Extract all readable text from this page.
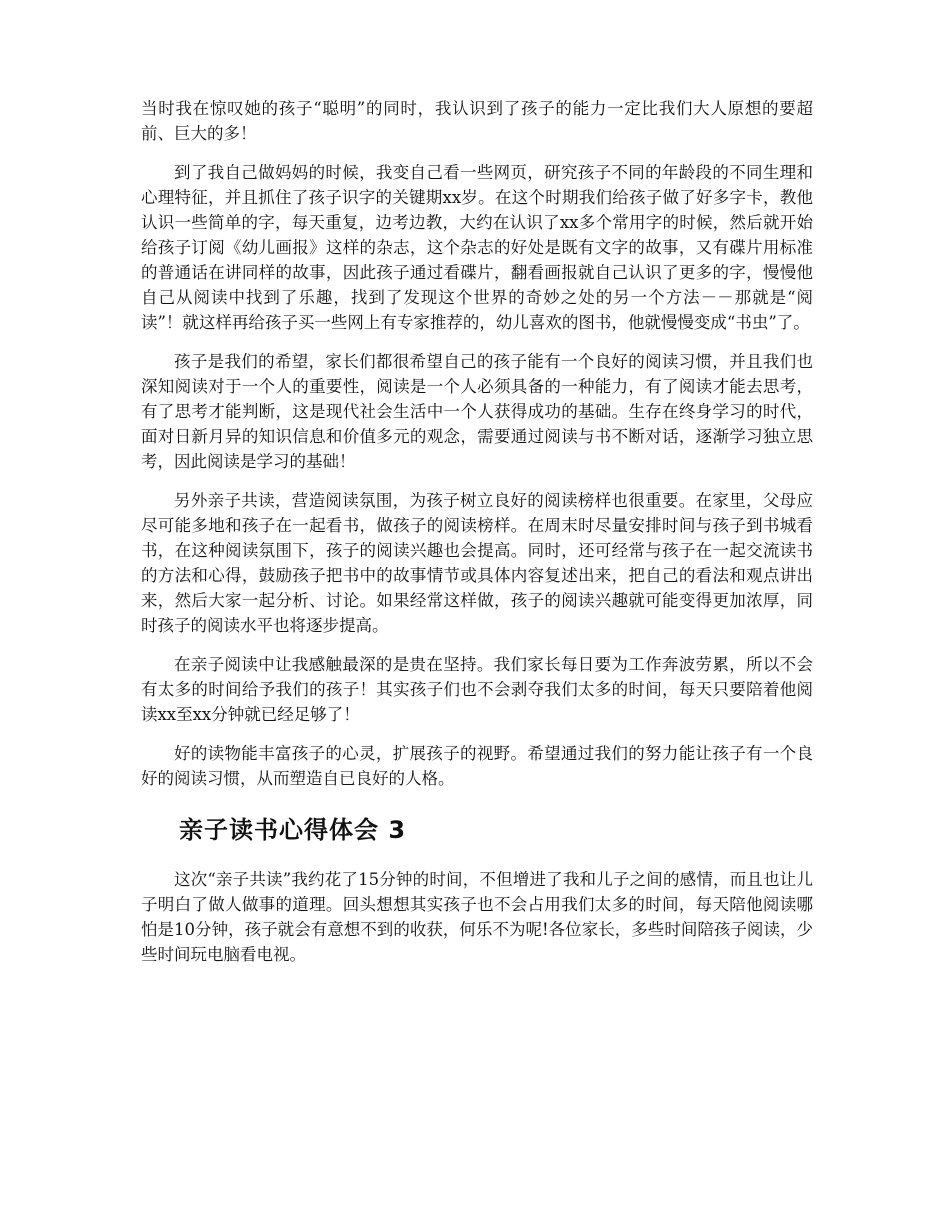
当时我在惊叹她的孩子“聪明”的同时，我认识到了孩子的能力一定比我们大人原想的要超前、巨大的多！

到了我自己做妈妈的时候，我变自己看一些网页，研究孩子不同的年龄段的不同生理和心理特征，并且抓住了孩子识字的关键期xx岁。在这个时期我们给孩子做了好多字卡，教他认识一些简单的字，每天重复，边考边教，大约在认识了xx多个常用字的时候，然后就开始给孩子订阅《幼儿画报》这样的杂志，这个杂志的好处是既有文字的故事，又有碟片用标准的普通话在讲同样的故事，因此孩子通过看碟片，翻看画报就自己认识了更多的字，慢慢他自己从阅读中找到了乐趣，找到了发现这个世界的奇妙之处的另一个方法－－那就是“阅读”！就这样再给孩子买一些网上有专家推荐的，幼儿喜欢的图书，他就慢慢变成“书虫”了。

孩子是我们的希望，家长们都很希望自己的孩子能有一个良好的阅读习惯，并且我们也深知阅读对于一个人的重要性，阅读是一个人必须具备的一种能力，有了阅读才能去思考，有了思考才能判断，这是现代社会生活中一个人获得成功的基础。生存在终身学习的时代，面对日新月异的知识信息和价值多元的观念，需要通过阅读与书不断对话，逐渐学习独立思考，因此阅读是学习的基础！

另外亲子共读，营造阅读氛围，为孩子树立良好的阅读榜样也很重要。在家里，父母应尽可能多地和孩子在一起看书，做孩子的阅读榜样。在周末时尽量安排时间与孩子到书城看书，在这种阅读氛围下，孩子的阅读兴趣也会提高。同时，还可经常与孩子在一起交流读书的方法和心得，鼓励孩子把书中的故事情节或具体内容复述出来，把自己的看法和观点讲出来，然后大家一起分析、讨论。如果经常这样做，孩子的阅读兴趣就可能变得更加浓厚，同时孩子的阅读水平也将逐步提高。

在亲子阅读中让我感触最深的是贵在坚持。我们家长每日要为工作奔波劳累，所以不会有太多的时间给予我们的孩子！其实孩子们也不会剥夺我们太多的时间，每天只要陪着他阅读xx至xx分钟就已经足够了！

好的读物能丰富孩子的心灵，扩展孩子的视野。希望通过我们的努力能让孩子有一个良好的阅读习惯，从而塑造自已良好的人格。

亲子读书心得体会 3

这次“亲子共读”我约花了15分钟的时间，不但增进了我和儿子之间的感情，而且也让儿子明白了做人做事的道理。回头想想其实孩子也不会占用我们太多的时间，每天陪他阅读哪怕是10分钟，孩子就会有意想不到的收获，何乐不为呢!各位家长，多些时间陪孩子阅读，少些时间玩电脑看电视。
